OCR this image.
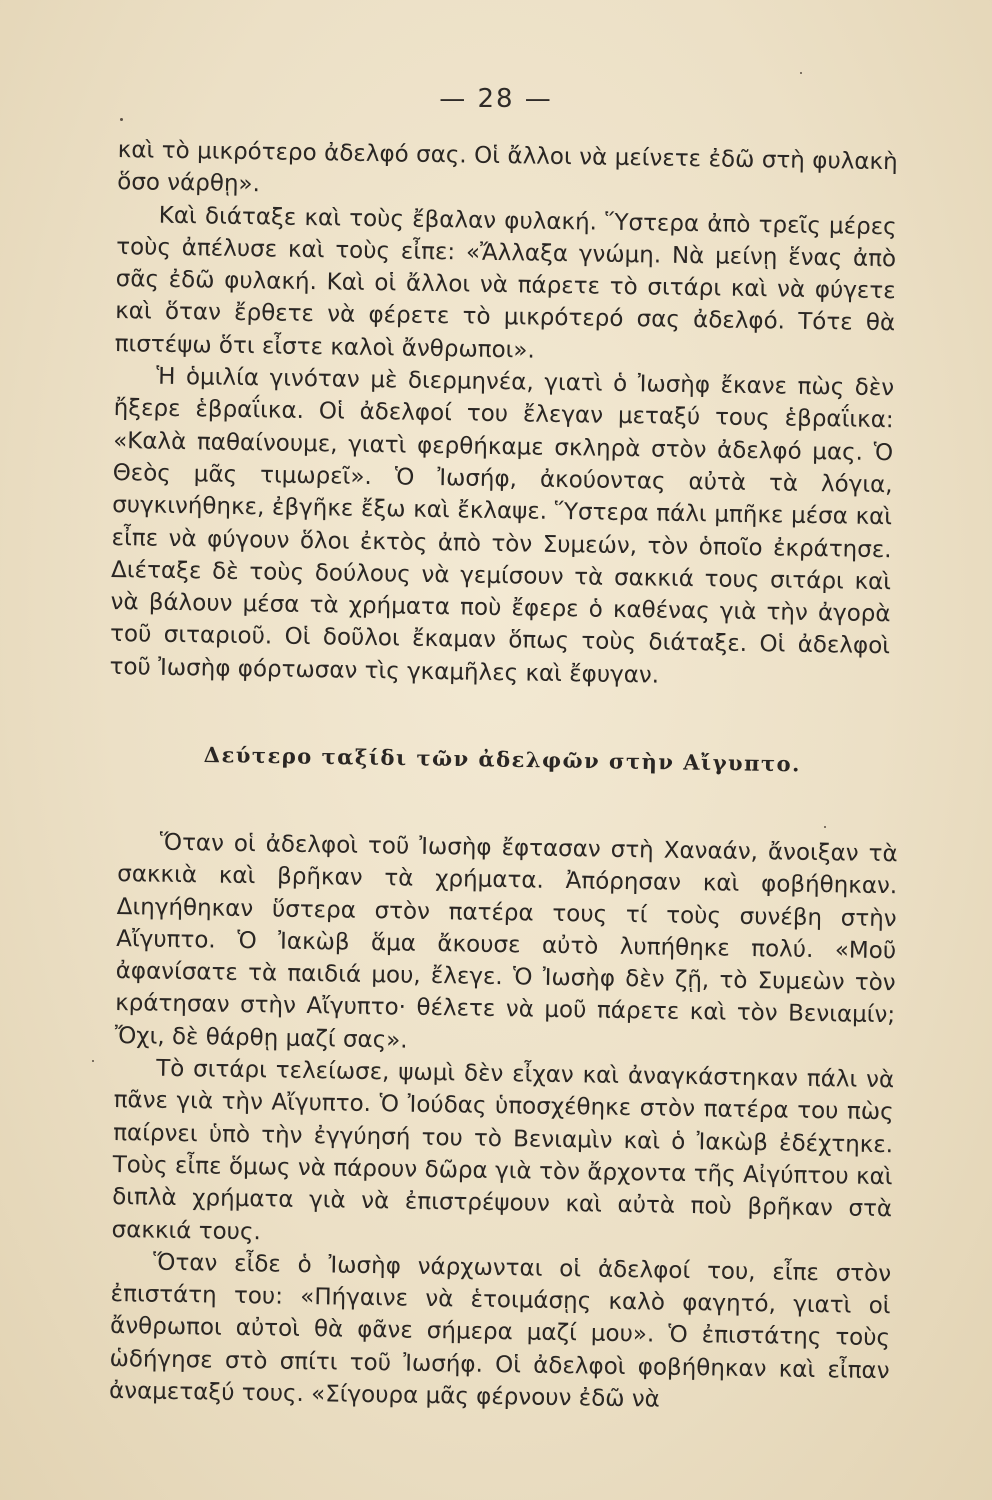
— 28 —

καὶ τὸ μικρότερο ἀδελφό σας. Οἱ ἄλλοι νὰ μείνετε ἐδῶ στὴ φυλακὴ ὅσο νάρθῃ».

Καὶ διάταξε καὶ τοὺς ἔβαλαν φυλακή. Ὕστερα ἀπὸ τρεῖς μέρες τοὺς ἀπέλυσε καὶ τοὺς εἶπε: «Ἄλλαξα γνώμη. Νὰ μείνῃ ἕνας ἀπὸ σᾶς ἐδῶ φυλακή. Καὶ οἱ ἄλλοι νὰ πάρετε τὸ σιτάρι καὶ νὰ φύγετε καὶ ὅταν ἔρθετε νὰ φέρετε τὸ μικρότερό σας ἀδελφό. Τότε θὰ πιστέψω ὅτι εἶστε καλοὶ ἄνθρωποι».

Ἡ ὁμιλία γινόταν μὲ διερμηνέα, γιατὶ ὁ Ἰωσὴφ ἔκανε πὼς δὲν ἤξερε ἑβραΐικα. Οἱ ἀδελφοί του ἔλεγαν μεταξύ τους ἑβραΐικα: «Καλὰ παθαίνουμε, γιατὶ φερθήκαμε σκληρὰ στὸν ἀδελφό μας. Ὁ Θεὸς μᾶς τιμωρεῖ». Ὁ Ἰωσήφ, ἀκούοντας αὐτὰ τὰ λόγια, συγκινήθηκε, ἐβγῆκε ἔξω καὶ ἔκλαψε. Ὕστερα πάλι μπῆκε μέσα καὶ εἶπε νὰ φύγουν ὅλοι ἐκτὸς ἀπὸ τὸν Συμεών, τὸν ὁποῖο ἐκράτησε. Διέταξε δὲ τοὺς δούλους νὰ γεμίσουν τὰ σακκιά τους σιτάρι καὶ νὰ βάλουν μέσα τὰ χρήματα ποὺ ἔφερε ὁ καθένας γιὰ τὴν ἀγορὰ τοῦ σιταριοῦ. Οἱ δοῦλοι ἔκαμαν ὅπως τοὺς διάταξε. Οἱ ἀδελφοὶ τοῦ Ἰωσὴφ φόρτωσαν τὶς γκαμῆλες καὶ ἔφυγαν.

Δεύτερο ταξίδι τῶν ἀδελφῶν στὴν Αἴγυπτο.

Ὅταν οἱ ἀδελφοὶ τοῦ Ἰωσὴφ ἔφτασαν στὴ Χαναάν, ἄνοιξαν τὰ σακκιὰ καὶ βρῆκαν τὰ χρήματα. Ἀπόρησαν καὶ φοβήθηκαν. Διηγήθηκαν ὕστερα στὸν πατέρα τους τί τοὺς συνέβη στὴν Αἴγυπτο. Ὁ Ἰακὼβ ἅμα ἄκουσε αὐτὸ λυπήθηκε πολύ. «Μοῦ ἀφανίσατε τὰ παιδιά μου, ἔλεγε. Ὁ Ἰωσὴφ δὲν ζῇ, τὸ Συμεὼν τὸν κράτησαν στὴν Αἴγυπτο· θέλετε νὰ μοῦ πάρετε καὶ τὸν Βενιαμίν; Ὄχι, δὲ θάρθῃ μαζί σας».

Τὸ σιτάρι τελείωσε, ψωμὶ δὲν εἶχαν καὶ ἀναγκάστηκαν πάλι νὰ πᾶνε γιὰ τὴν Αἴγυπτο. Ὁ Ἰούδας ὑποσχέθηκε στὸν πατέρα του πὼς παίρνει ὑπὸ τὴν ἐγγύησή του τὸ Βενιαμὶν καὶ ὁ Ἰακὼβ ἐδέχτηκε. Τοὺς εἶπε ὅμως νὰ πάρουν δῶρα γιὰ τὸν ἄρχοντα τῆς Αἰγύπτου καὶ διπλὰ χρήματα γιὰ νὰ ἐπιστρέψουν καὶ αὐτὰ ποὺ βρῆκαν στὰ σακκιά τους.

Ὅταν εἶδε ὁ Ἰωσὴφ νάρχωνται οἱ ἀδελφοί του, εἶπε στὸν ἐπιστάτη του: «Πήγαινε νὰ ἑτοιμάσῃς καλὸ φαγητό, γιατὶ οἱ ἄνθρωποι αὐτοὶ θὰ φᾶνε σήμερα μαζί μου». Ὁ ἐπιστάτης τοὺς ὡδήγησε στὸ σπίτι τοῦ Ἰωσήφ. Οἱ ἀδελφοὶ φοβήθηκαν καὶ εἶπαν ἀναμεταξύ τους. «Σίγουρα μᾶς φέρνουν ἐδῶ νὰ
